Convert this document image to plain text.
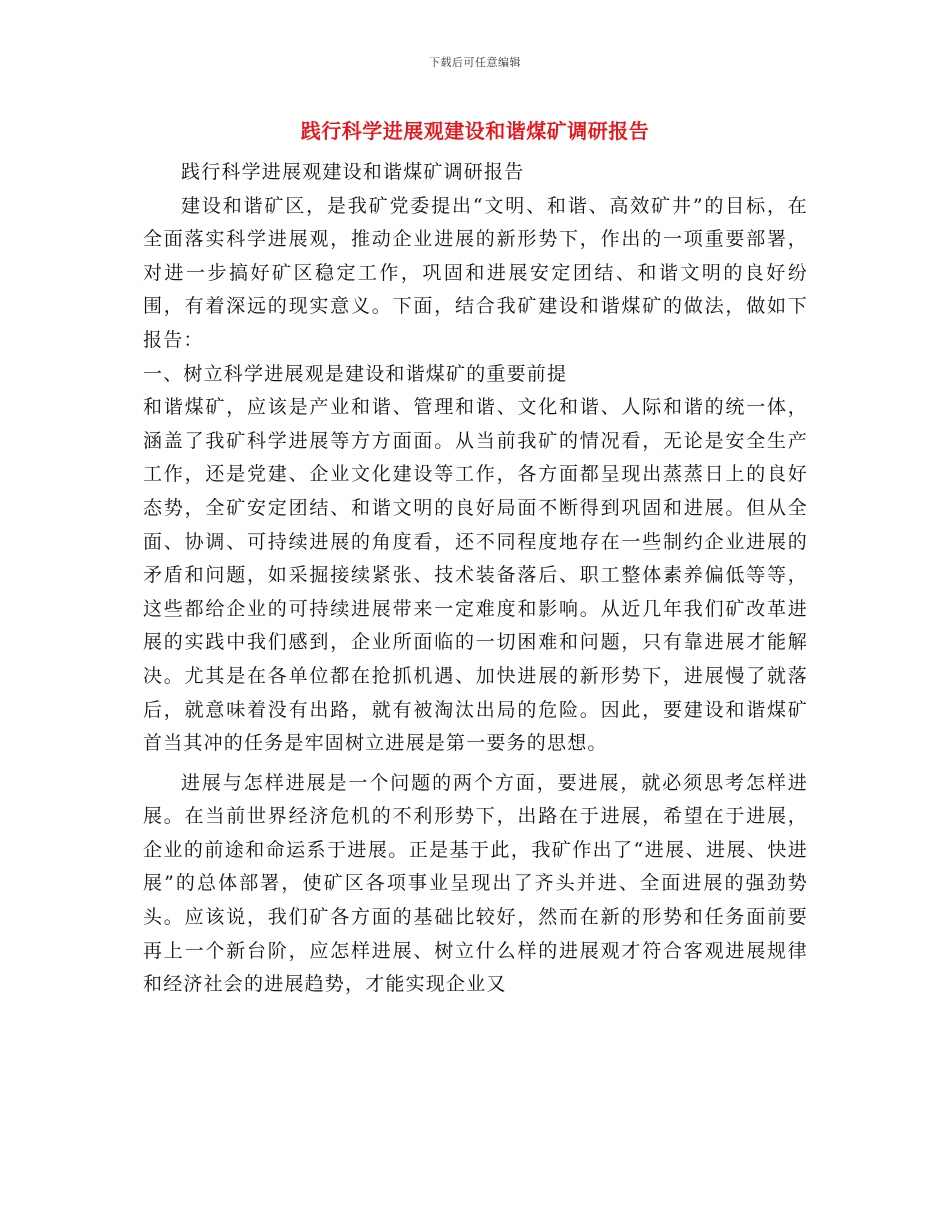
下载后可任意编辑
践行科学进展观建设和谐煤矿调研报告

践行科学进展观建设和谐煤矿调研报告

建设和谐矿区，是我矿党委提出“文明、和谐、高效矿井”的目标，在全面落实科学进展观，推动企业进展的新形势下，作出的一项重要部署，对进一步搞好矿区稳定工作，巩固和进展安定团结、和谐文明的良好纷围，有着深远的现实意义。下面，结合我矿建设和谐煤矿的做法，做如下报告：

一、树立科学进展观是建设和谐煤矿的重要前提

和谐煤矿，应该是产业和谐、管理和谐、文化和谐、人际和谐的统一体，涵盖了我矿科学进展等方方面面。从当前我矿的情况看，无论是安全生产工作，还是党建、企业文化建设等工作，各方面都呈现出蒸蒸日上的良好态势，全矿安定团结、和谐文明的良好局面不断得到巩固和进展。但从全面、协调、可持续进展的角度看，还不同程度地存在一些制约企业进展的矛盾和问题，如采掘接续紧张、技术装备落后、职工整体素养偏低等等，这些都给企业的可持续进展带来一定难度和影响。从近几年我们矿改革进展的实践中我们感到，企业所面临的一切困难和问题，只有靠进展才能解决。尤其是在各单位都在抢抓机遇、加快进展的新形势下，进展慢了就落后，就意味着没有出路，就有被淘汰出局的危险。因此，要建设和谐煤矿首当其冲的任务是牢固树立进展是第一要务的思想。

进展与怎样进展是一个问题的两个方面，要进展，就必须思考怎样进展。在当前世界经济危机的不利形势下，出路在于进展，希望在于进展，企业的前途和命运系于进展。正是基于此，我矿作出了“进展、进展、快进展”的总体部署，使矿区各项事业呈现出了齐头并进、全面进展的强劲势头。应该说，我们矿各方面的基础比较好，然而在新的形势和任务面前要再上一个新台阶，应怎样进展、树立什么样的进展观才符合客观进展规律和经济社会的进展趋势，才能实现企业又
